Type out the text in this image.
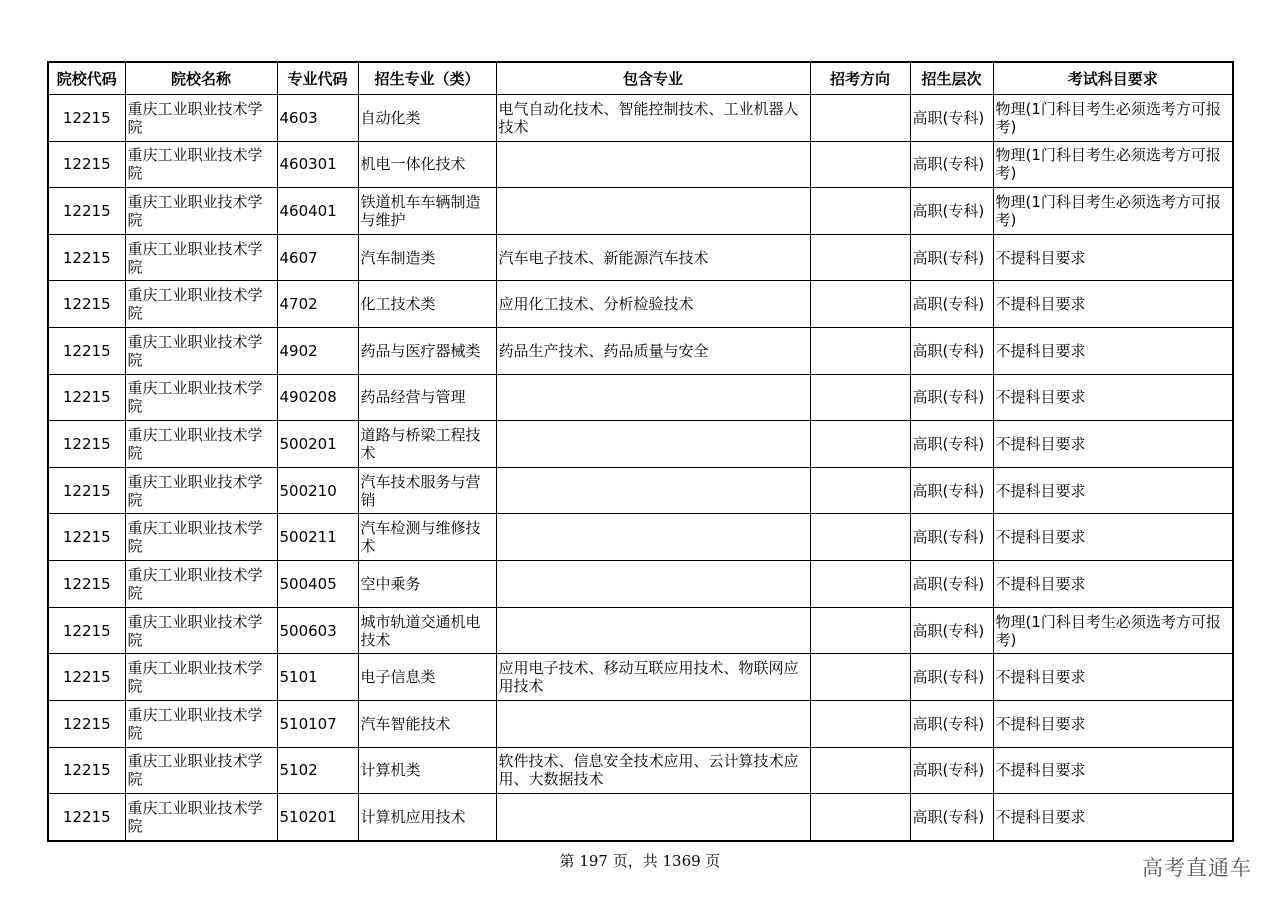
院校代码	院校名称	专业代码	招生专业（类）	包含专业	招考方向	招生层次	考试科目要求
12215	重庆工业职业技术学院	4603	自动化类	电气自动化技术、智能控制技术、工业机器人技术		高职(专科)	物理(1门科目考生必须选考方可报考)
12215	重庆工业职业技术学院	460301	机电一体化技术			高职(专科)	物理(1门科目考生必须选考方可报考)
12215	重庆工业职业技术学院	460401	铁道机车车辆制造与维护			高职(专科)	物理(1门科目考生必须选考方可报考)
12215	重庆工业职业技术学院	4607	汽车制造类	汽车电子技术、新能源汽车技术		高职(专科)	不提科目要求
12215	重庆工业职业技术学院	4702	化工技术类	应用化工技术、分析检验技术		高职(专科)	不提科目要求
12215	重庆工业职业技术学院	4902	药品与医疗器械类	药品生产技术、药品质量与安全		高职(专科)	不提科目要求
12215	重庆工业职业技术学院	490208	药品经营与管理			高职(专科)	不提科目要求
12215	重庆工业职业技术学院	500201	道路与桥梁工程技术			高职(专科)	不提科目要求
12215	重庆工业职业技术学院	500210	汽车技术服务与营销			高职(专科)	不提科目要求
12215	重庆工业职业技术学院	500211	汽车检测与维修技术			高职(专科)	不提科目要求
12215	重庆工业职业技术学院	500405	空中乘务			高职(专科)	不提科目要求
12215	重庆工业职业技术学院	500603	城市轨道交通机电技术			高职(专科)	物理(1门科目考生必须选考方可报考)
12215	重庆工业职业技术学院	5101	电子信息类	应用电子技术、移动互联应用技术、物联网应用技术		高职(专科)	不提科目要求
12215	重庆工业职业技术学院	510107	汽车智能技术			高职(专科)	不提科目要求
12215	重庆工业职业技术学院	5102	计算机类	软件技术、信息安全技术应用、云计算技术应用、大数据技术		高职(专科)	不提科目要求
12215	重庆工业职业技术学院	510201	计算机应用技术			高职(专科)	不提科目要求
第 197 页，共 1369 页	高考直通车
